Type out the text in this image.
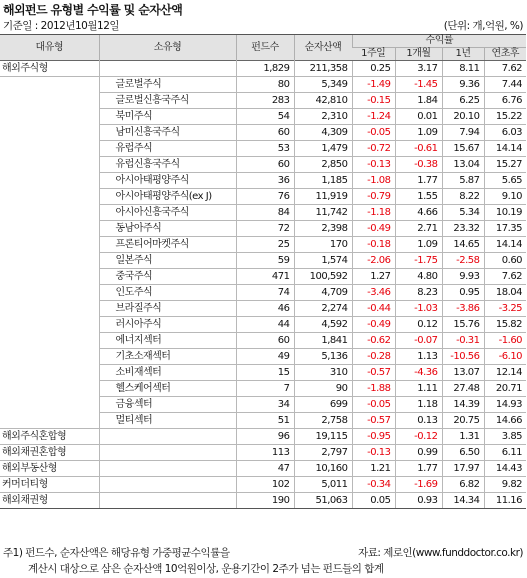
해외펀드 유형별 수익률 및 순자산액
기준일 : 2012년10월12일	(단위: 개,억원, %)
대유형	소유형	펀드수	순자산액	수익률			
				1주일	1개월	1년	연초후
해외주식형		1,829	211,358	0.25	3.17	8.11	7.62
	글로벌주식	80	5,349	-1.49	-1.45	9.36	7.44
	글로벌신흥국주식	283	42,810	-0.15	1.84	6.25	6.76
	북미주식	54	2,310	-1.24	0.01	20.10	15.22
	남미신흥국주식	60	4,309	-0.05	1.09	7.94	6.03
	유럽주식	53	1,479	-0.72	-0.61	15.67	14.14
	유럽신흥국주식	60	2,850	-0.13	-0.38	13.04	15.27
	아시아태평양주식	36	1,185	-1.08	1.77	5.87	5.65
	아시아태평양주식(ex J)	76	11,919	-0.79	1.55	8.22	9.10
	아시아신흥국주식	84	11,742	-1.18	4.66	5.34	10.19
	동남아주식	72	2,398	-0.49	2.71	23.32	17.35
	프론티어마켓주식	25	170	-0.18	1.09	14.65	14.14
	일본주식	59	1,574	-2.06	-1.75	-2.58	0.60
	중국주식	471	100,592	1.27	4.80	9.93	7.62
	인도주식	74	4,709	-3.46	8.23	0.95	18.04
	브라질주식	46	2,274	-0.44	-1.03	-3.86	-3.25
	러시아주식	44	4,592	-0.49	0.12	15.76	15.82
	에너지섹터	60	1,841	-0.62	-0.07	-0.31	-1.60
	기초소재섹터	49	5,136	-0.28	1.13	-10.56	-6.10
	소비재섹터	15	310	-0.57	-4.36	13.07	12.14
	헬스케어섹터	7	90	-1.88	1.11	27.48	20.71
	금융섹터	34	699	-0.05	1.18	14.39	14.93
	멀티섹터	51	2,758	-0.57	0.13	20.75	14.66
해외주식혼합형		96	19,115	-0.95	-0.12	1.31	3.85
해외채권혼합형		113	2,797	-0.13	0.99	6.50	6.11
해외부동산형		47	10,160	1.21	1.77	17.97	14.43
커머더티형		102	5,011	-0.34	-1.69	6.82	9.82
해외채권형		190	51,063	0.05	0.93	14.34	11.16
주1) 펀드수, 순자산액은 해당유형 가중평균수익률을	자료: 제로인(www.funddoctor.co.kr)
계산시 대상으로 삼은 순자산액 10억원이상, 운용기간이 2주가 넘는 펀드들의 합계
